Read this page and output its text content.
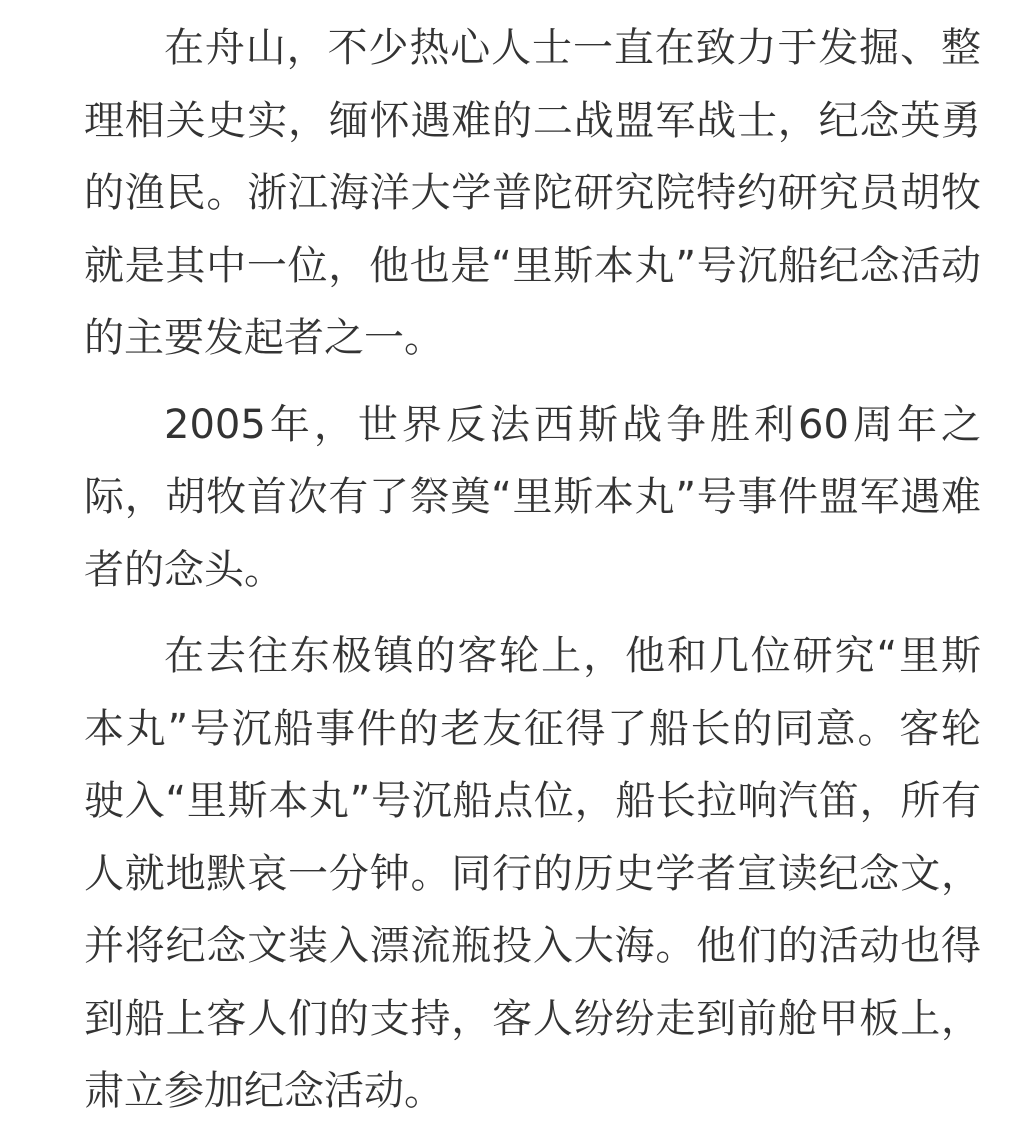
在舟山，不少热心人士一直在致力于发掘、整理相关史实，缅怀遇难的二战盟军战士，纪念英勇的渔民。浙江海洋大学普陀研究院特约研究员胡牧就是其中一位，他也是“里斯本丸”号沉船纪念活动的主要发起者之一。

2005年，世界反法西斯战争胜利60周年之际，胡牧首次有了祭奠“里斯本丸”号事件盟军遇难者的念头。

在去往东极镇的客轮上，他和几位研究“里斯本丸”号沉船事件的老友征得了船长的同意。客轮驶入“里斯本丸”号沉船点位，船长拉响汽笛，所有人就地默哀一分钟。同行的历史学者宣读纪念文，并将纪念文装入漂流瓶投入大海。他们的活动也得到船上客人们的支持，客人纷纷走到前舱甲板上，肃立参加纪念活动。
